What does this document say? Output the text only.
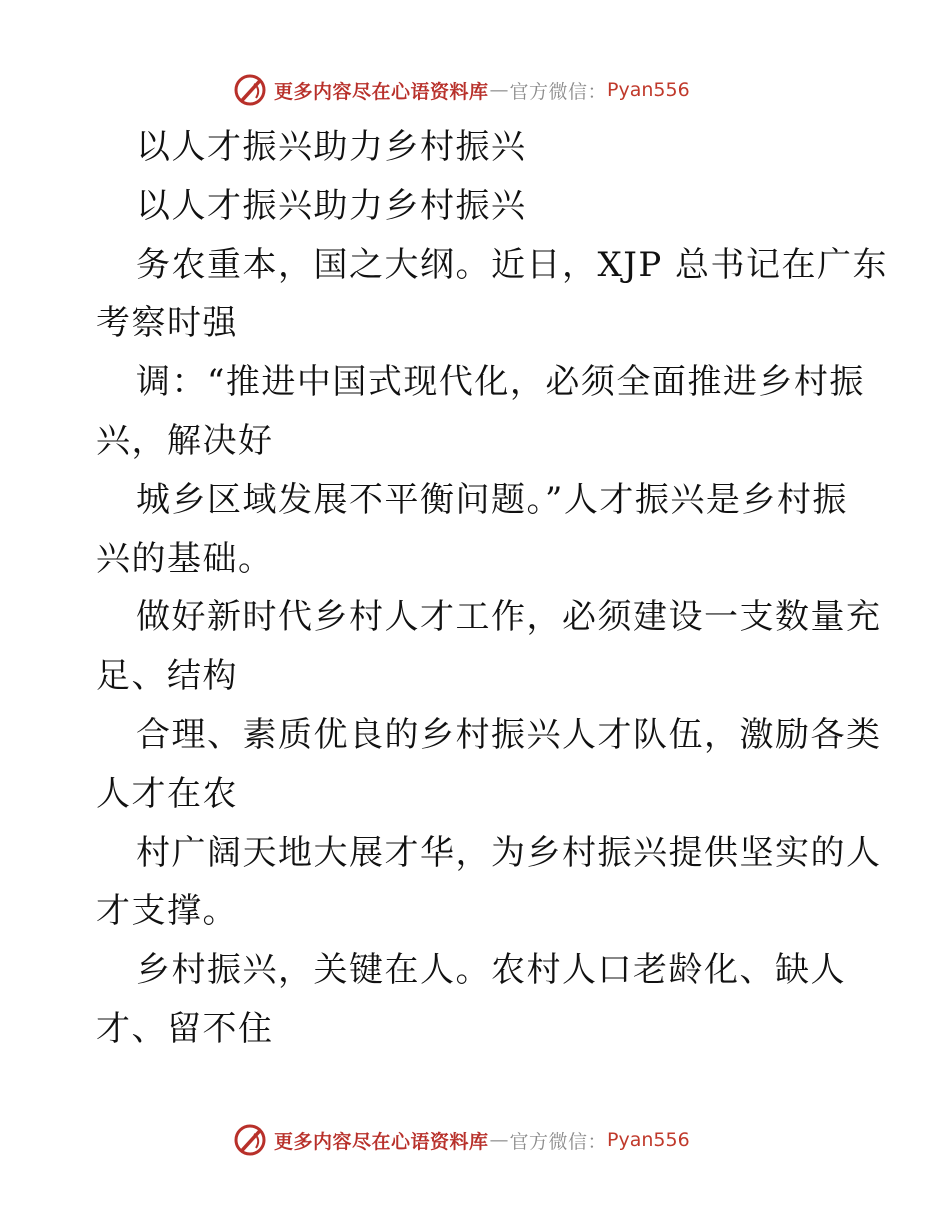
更多内容尽在心语资料库 — 官方微信： Pyan556
以人才振兴助力乡村振兴
以人才振兴助力乡村振兴
务农重本，国之大纲。近日，XJP 总书记在广东
考察时强
调：“推进中国式现代化，必须全面推进乡村振
兴，解决好
城乡区域发展不平衡问题。”人才振兴是乡村振
兴的基础。
做好新时代乡村人才工作，必须建设一支数量充
足、结构
合理、素质优良的乡村振兴人才队伍，激励各类
人才在农
村广阔天地大展才华，为乡村振兴提供坚实的人
才支撑。
乡村振兴，关键在人。农村人口老龄化、缺人
才、留不住
更多内容尽在心语资料库 — 官方微信： Pyan556
